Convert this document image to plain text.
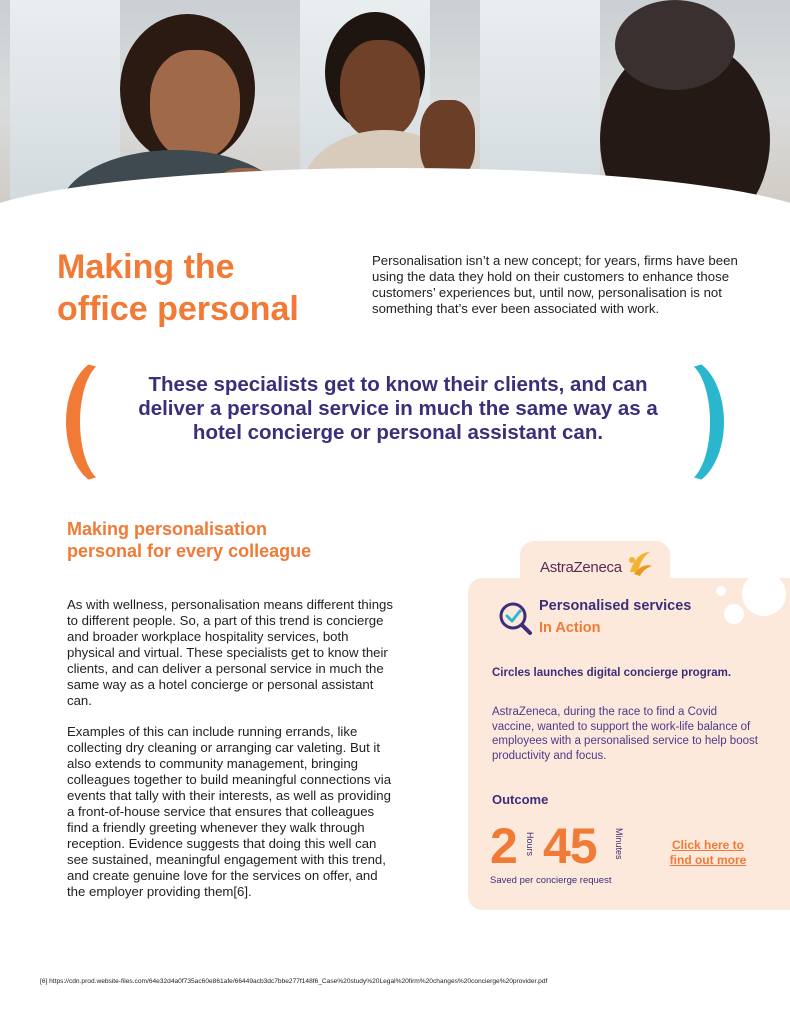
Making the
office personal

Personalisation isn’t a new concept; for years, firms have been using the data they hold on their customers to enhance those customers’ experiences but, until now, personalisation is not something that’s ever been associated with work.

These specialists get to know their clients, and can deliver a personal service in much the same way as a hotel concierge or personal assistant can.

Making personalisation
personal for every colleague

As with wellness, personalisation means different things to different people. So, a part of this trend is concierge and broader workplace hospitality services, both physical and virtual. These specialists get to know their clients, and can deliver a personal service in much the same way as a hotel concierge or personal assistant can.

Examples of this can include running errands, like collecting dry cleaning or arranging car valeting. But it also extends to community management, bringing colleagues together to build meaningful connections via events that tally with their interests, as well as providing a front-of-house service that ensures that colleagues find a friendly greeting whenever they walk through reception. Evidence suggests that doing this well can see sustained, meaningful engagement with this trend, and create genuine love for the services on offer, and the employer providing them[6].

AstraZeneca
Personalised services
In Action

Circles launches digital concierge program.

AstraZeneca, during the race to find a Covid vaccine, wanted to support the work-life balance of employees with a personalised service to help boost productivity and focus.

Outcome
2 Hours 45 Minutes
Saved per concierge request
Click here to find out more
[6] https://cdn.prod.website-files.com/64e32d4a0f735ac60e861afe/66449acb3dc7bbe277f148f6_Case%20study%20Legal%20firm%20changes%20concierge%20provider.pdf
